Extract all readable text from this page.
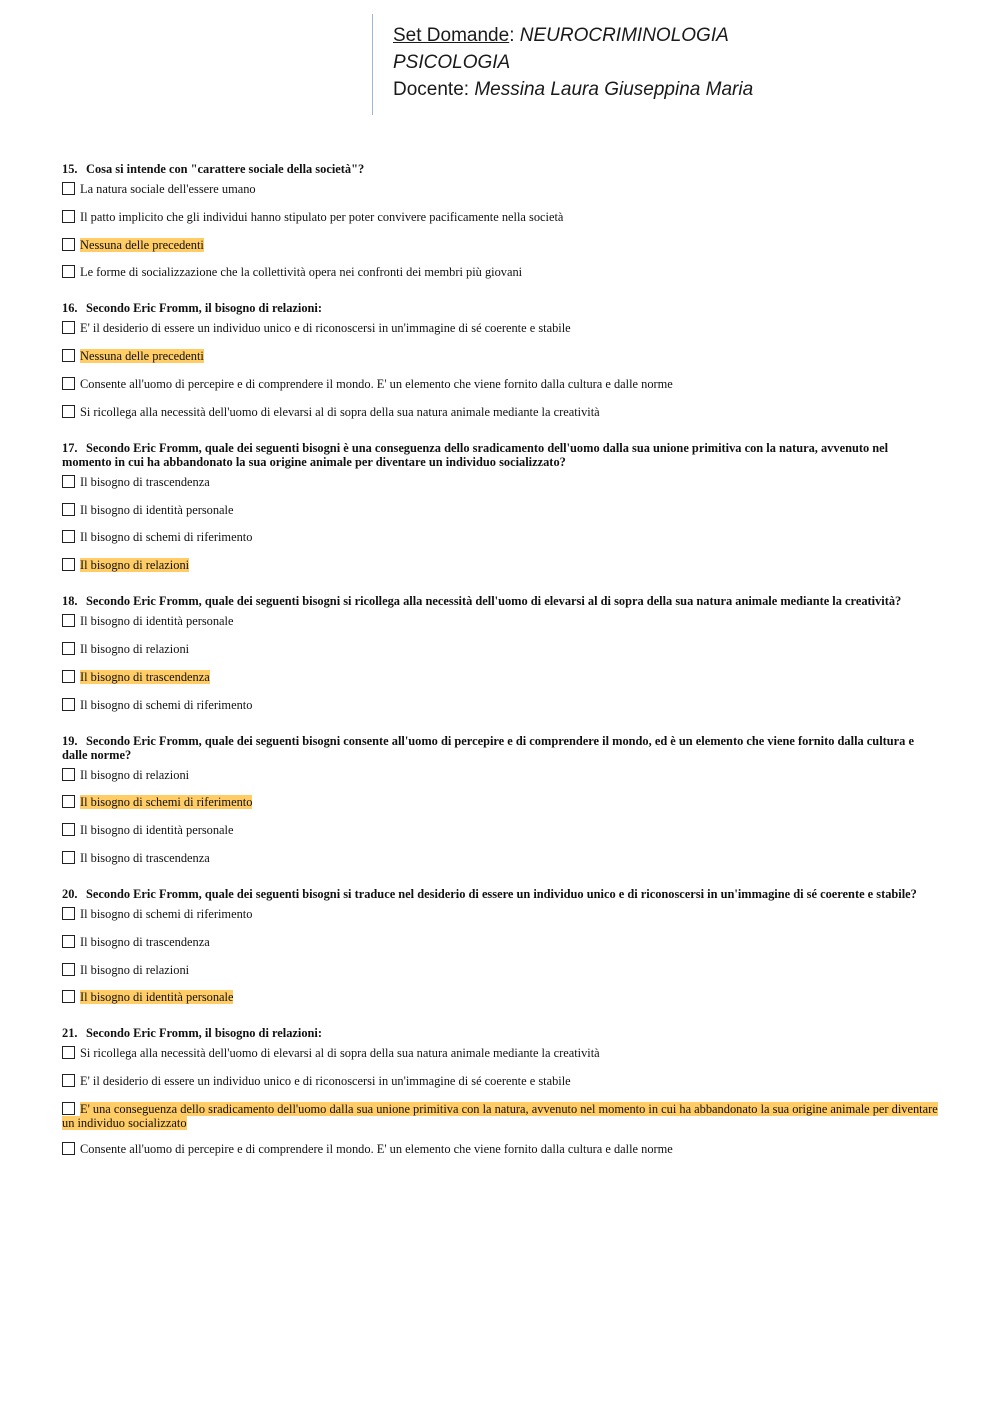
Set Domande: NEUROCRIMINOLOGIA
PSICOLOGIA
Docente: Messina Laura Giuseppina Maria
15. Cosa si intende con "carattere sociale della società"?
La natura sociale dell'essere umano
Il patto implicito che gli individui hanno stipulato per poter convivere pacificamente nella società
Nessuna delle precedenti
Le forme di socializzazione che la collettività opera nei confronti dei membri più giovani
16. Secondo Eric Fromm, il bisogno di relazioni:
E' il desiderio di essere un individuo unico e di riconoscersi in un'immagine di sé coerente e stabile
Nessuna delle precedenti
Consente all'uomo di percepire e di comprendere il mondo. E' un elemento che viene fornito dalla cultura e dalle norme
Si ricollega alla necessità dell'uomo di elevarsi al di sopra della sua natura animale mediante la creatività
17. Secondo Eric Fromm, quale dei seguenti bisogni è una conseguenza dello sradicamento dell'uomo dalla sua unione primitiva con la natura, avvenuto nel momento in cui ha abbandonato la sua origine animale per diventare un individuo socializzato?
Il bisogno di trascendenza
Il bisogno di identità personale
Il bisogno di schemi di riferimento
Il bisogno di relazioni
18. Secondo Eric Fromm, quale dei seguenti bisogni si ricollega alla necessità dell'uomo di elevarsi al di sopra della sua natura animale mediante la creatività?
Il bisogno di identità personale
Il bisogno di relazioni
Il bisogno di trascendenza
Il bisogno di schemi di riferimento
19. Secondo Eric Fromm, quale dei seguenti bisogni consente all'uomo di percepire e di comprendere il mondo, ed è un elemento che viene fornito dalla cultura e dalle norme?
Il bisogno di relazioni
Il bisogno di schemi di riferimento
Il bisogno di identità personale
Il bisogno di trascendenza
20. Secondo Eric Fromm, quale dei seguenti bisogni si traduce nel desiderio di essere un individuo unico e di riconoscersi in un'immagine di sé coerente e stabile?
Il bisogno di schemi di riferimento
Il bisogno di trascendenza
Il bisogno di relazioni
Il bisogno di identità personale
21. Secondo Eric Fromm, il bisogno di relazioni:
Si ricollega alla necessità dell'uomo di elevarsi al di sopra della sua natura animale mediante la creatività
E' il desiderio di essere un individuo unico e di riconoscersi in un'immagine di sé coerente e stabile
E' una conseguenza dello sradicamento dell'uomo dalla sua unione primitiva con la natura, avvenuto nel momento in cui ha abbandonato la sua origine animale per diventare un individuo socializzato
Consente all'uomo di percepire e di comprendere il mondo. E' un elemento che viene fornito dalla cultura e dalle norme
